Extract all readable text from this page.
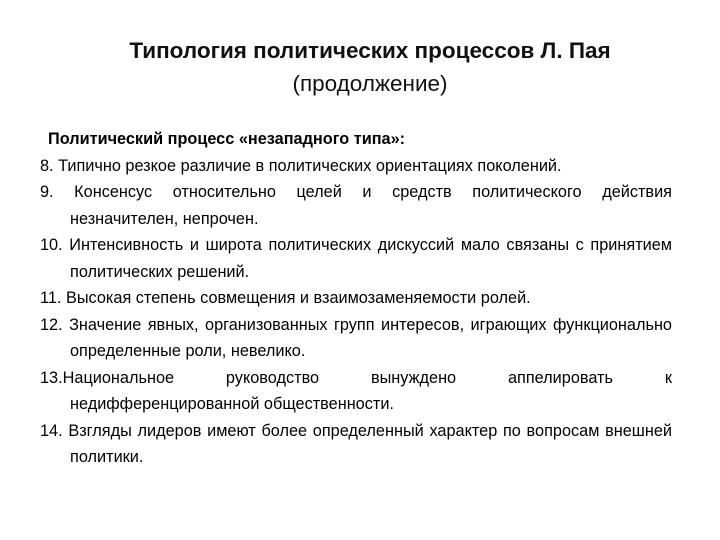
Типология политических процессов Л. Пая
(продолжение)

Политический процесс «незападного типа»:

8. Типично резкое различие в политических ориентациях поколений.
9. Консенсус относительно целей и средств политического действия незначителен, непрочен.
10. Интенсивность и широта политических дискуссий мало связаны с принятием политических решений.
11. Высокая степень совмещения и взаимозаменяемости ролей.
12. Значение явных, организованных групп интересов, играющих функционально определенные роли, невелико.
13.Национальное руководство вынуждено аппелировать к недифференцированной общественности.
14. Взгляды лидеров имеют более определенный характер по вопросам внешней политики.
